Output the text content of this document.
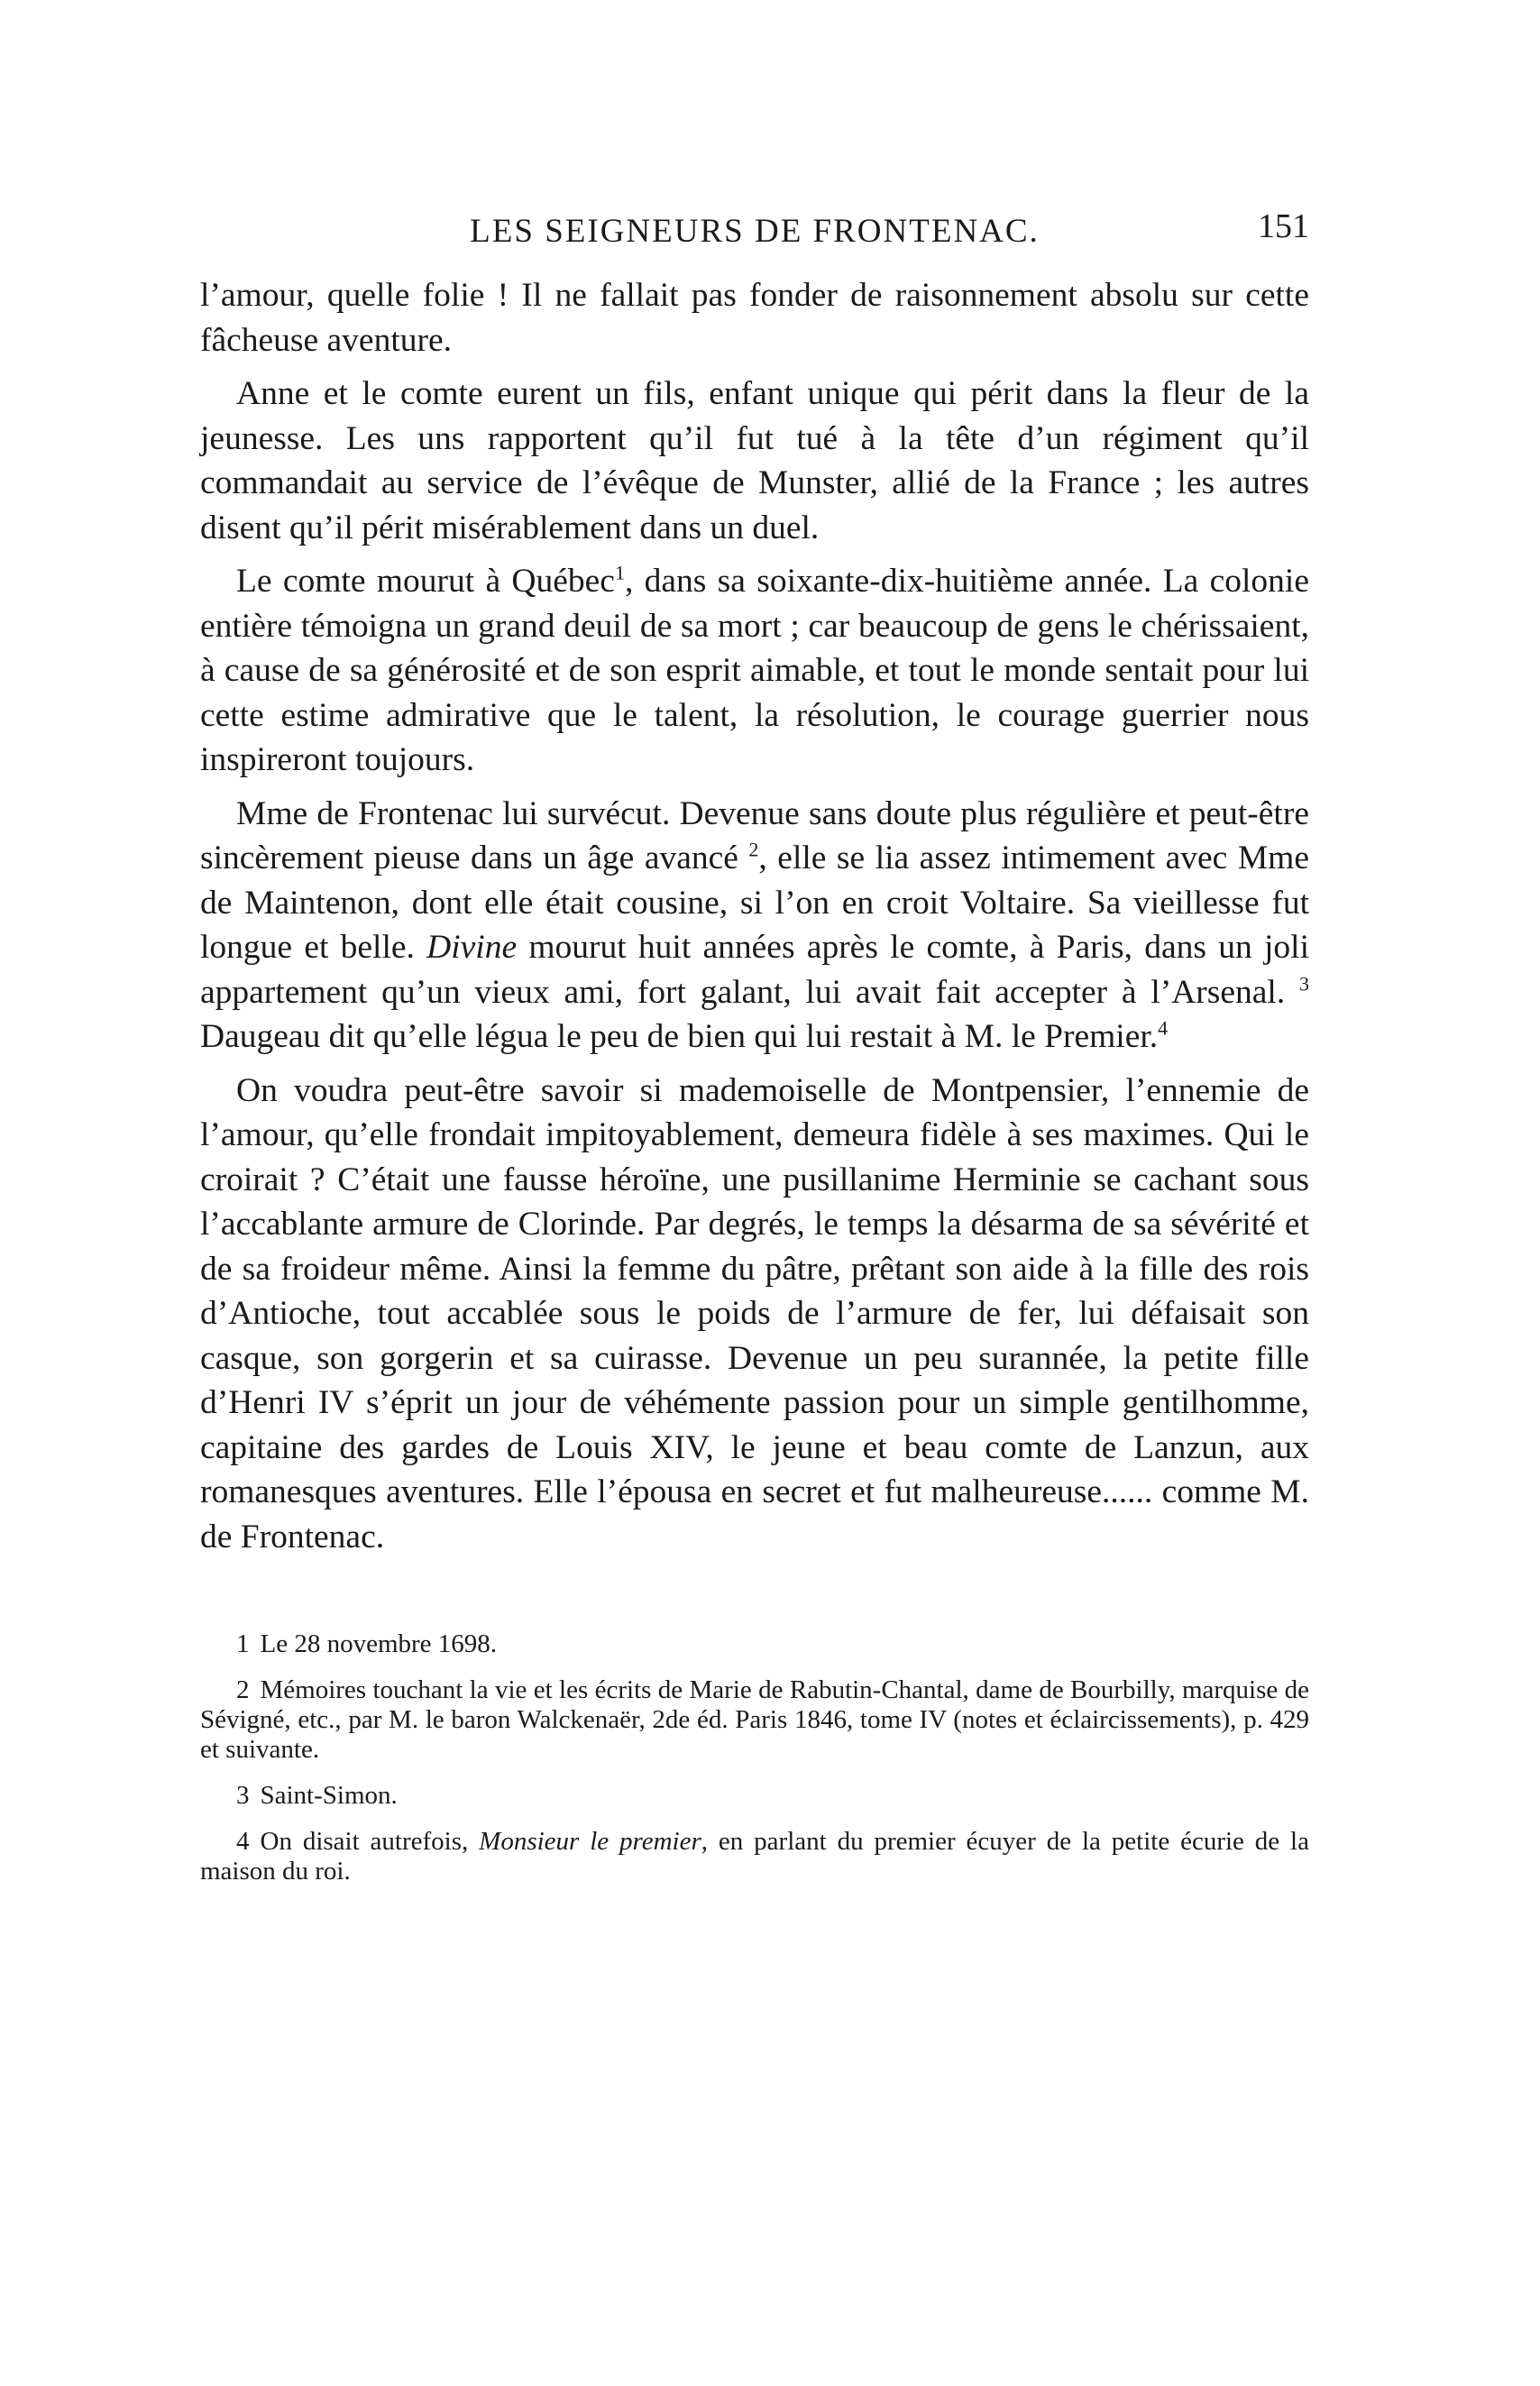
LES SEIGNEURS DE FRONTENAC.	151

l’amour, quelle folie ! Il ne fallait pas fonder de raisonnement absolu sur cette fâcheuse aventure.

Anne et le comte eurent un fils, enfant unique qui périt dans la fleur de la jeunesse. Les uns rapportent qu’il fut tué à la tête d’un régiment qu’il commandait au service de l’évêque de Munster, allié de la France ; les autres disent qu’il périt misérablement dans un duel.

Le comte mourut à Québec$^1$, dans sa soixante-dix-huitième année. La colonie entière témoigna un grand deuil de sa mort ; car beaucoup de gens le chérissaient, à cause de sa générosité et de son esprit aimable, et tout le monde sentait pour lui cette estime admirative que le talent, la résolution, le courage guerrier nous inspireront toujours.

Mme de Frontenac lui survécut. Devenue sans doute plus régulière et peut-être sincèrement pieuse dans un âge avancé $^2$, elle se lia assez intimement avec Mme de Maintenon, dont elle était cousine, si l’on en croit Voltaire. Sa vieillesse fut longue et belle. Divine mourut huit années après le comte, à Paris, dans un joli appartement qu’un vieux ami, fort galant, lui avait fait accepter à l’Arsenal. $^3$ Daugeau dit qu’elle légua le peu de bien qui lui restait à M. le Premier.$^4$

On voudra peut-être savoir si mademoiselle de Montpensier, l’ennemie de l’amour, qu’elle frondait impitoyablement, demeura fidèle à ses maximes. Qui le croirait ? C’était une fausse héroïne, une pusillanime Herminie se cachant sous l’accablante armure de Clorinde. Par degrés, le temps la désarma de sa sévérité et de sa froideur même. Ainsi la femme du pâtre, prêtant son aide à la fille des rois d’Antioche, tout accablée sous le poids de l’armure de fer, lui défaisait son casque, son gorgerin et sa cuirasse. Devenue un peu surannée, la petite fille d’Henri IV s’éprit un jour de véhémente passion pour un simple gentilhomme, capitaine des gardes de Louis XIV, le jeune et beau comte de Lanzun, aux romanesques aventures. Elle l’épousa en secret et fut malheureuse...... comme M. de Frontenac.

1 Le 28 novembre 1698.

2 Mémoires touchant la vie et les écrits de Marie de Rabutin-Chantal, dame de Bourbilly, marquise de Sévigné, etc., par M. le baron Walckenaër, 2de éd. Paris 1846, tome IV (notes et éclaircissements), p. 429 et suivante.

3 Saint-Simon.

4 On disait autrefois, Monsieur le premier, en parlant du premier écuyer de la petite écurie de la maison du roi.
